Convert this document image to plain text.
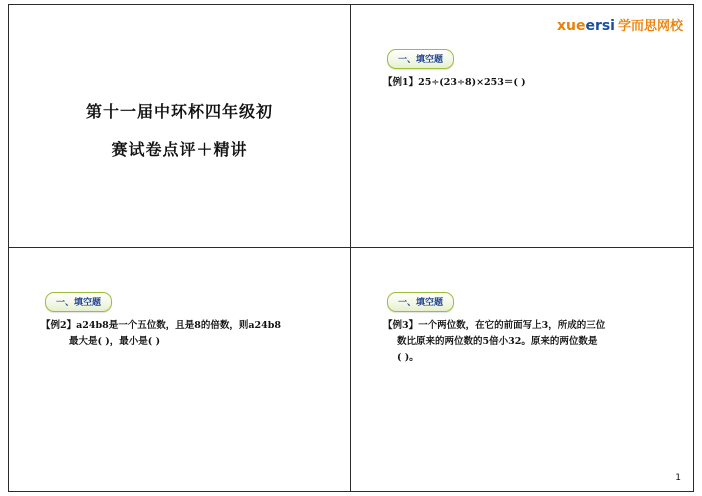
第十一届中环杯四年级初
赛试卷点评＋精讲
xueersi 学而思网校
一、填空题
【例1】25÷(23÷8)×253＝( )
一、填空题
【例2】a24b8是一个五位数，且是8的倍数，则a24b8
最大是( )，最小是( )
一、填空题
【例3】一个两位数，在它的前面写上3，所成的三位
数比原来的两位数的5倍小32。原来的两位数是
( )。
1
